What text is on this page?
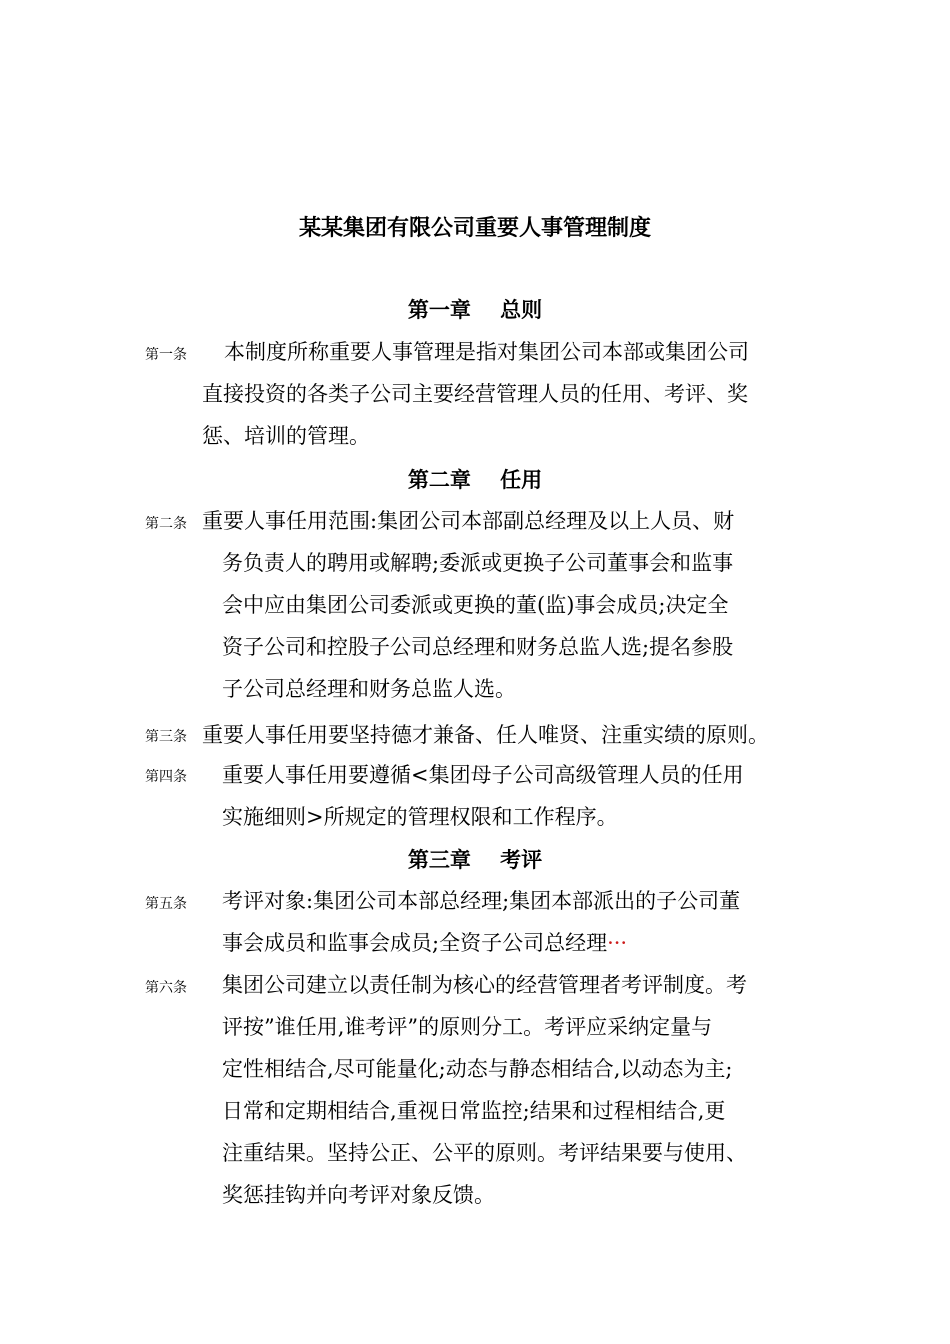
某某集团有限公司重要人事管理制度
第一章    总则
第一条	本制度所称重要人事管理是指对集团公司本部或集团公司
直接投资的各类子公司主要经营管理人员的任用、考评、奖
惩、培训的管理。
第二章    任用
第二条 重要人事任用范围:集团公司本部副总经理及以上人员、财
务负责人的聘用或解聘;委派或更换子公司董事会和监事
会中应由集团公司委派或更换的董(监)事会成员;决定全
资子公司和控股子公司总经理和财务总监人选;提名参股
子公司总经理和财务总监人选。
第三条 重要人事任用要坚持德才兼备、任人唯贤、注重实绩的原则。
第四条 重要人事任用要遵循<集团母子公司高级管理人员的任用
实施细则>所规定的管理权限和工作程序。
第三章    考评
第五条 考评对象:集团公司本部总经理;集团本部派出的子公司董
事会成员和监事会成员;全资子公司总经理···
第六条 集团公司建立以责任制为核心的经营管理者考评制度。考
评按”谁任用,谁考评”的原则分工。考评应采纳定量与
定性相结合,尽可能量化;动态与静态相结合,以动态为主;
日常和定期相结合,重视日常监控;结果和过程相结合,更
注重结果。坚持公正、公平的原则。考评结果要与使用、
奖惩挂钩并向考评对象反馈。
